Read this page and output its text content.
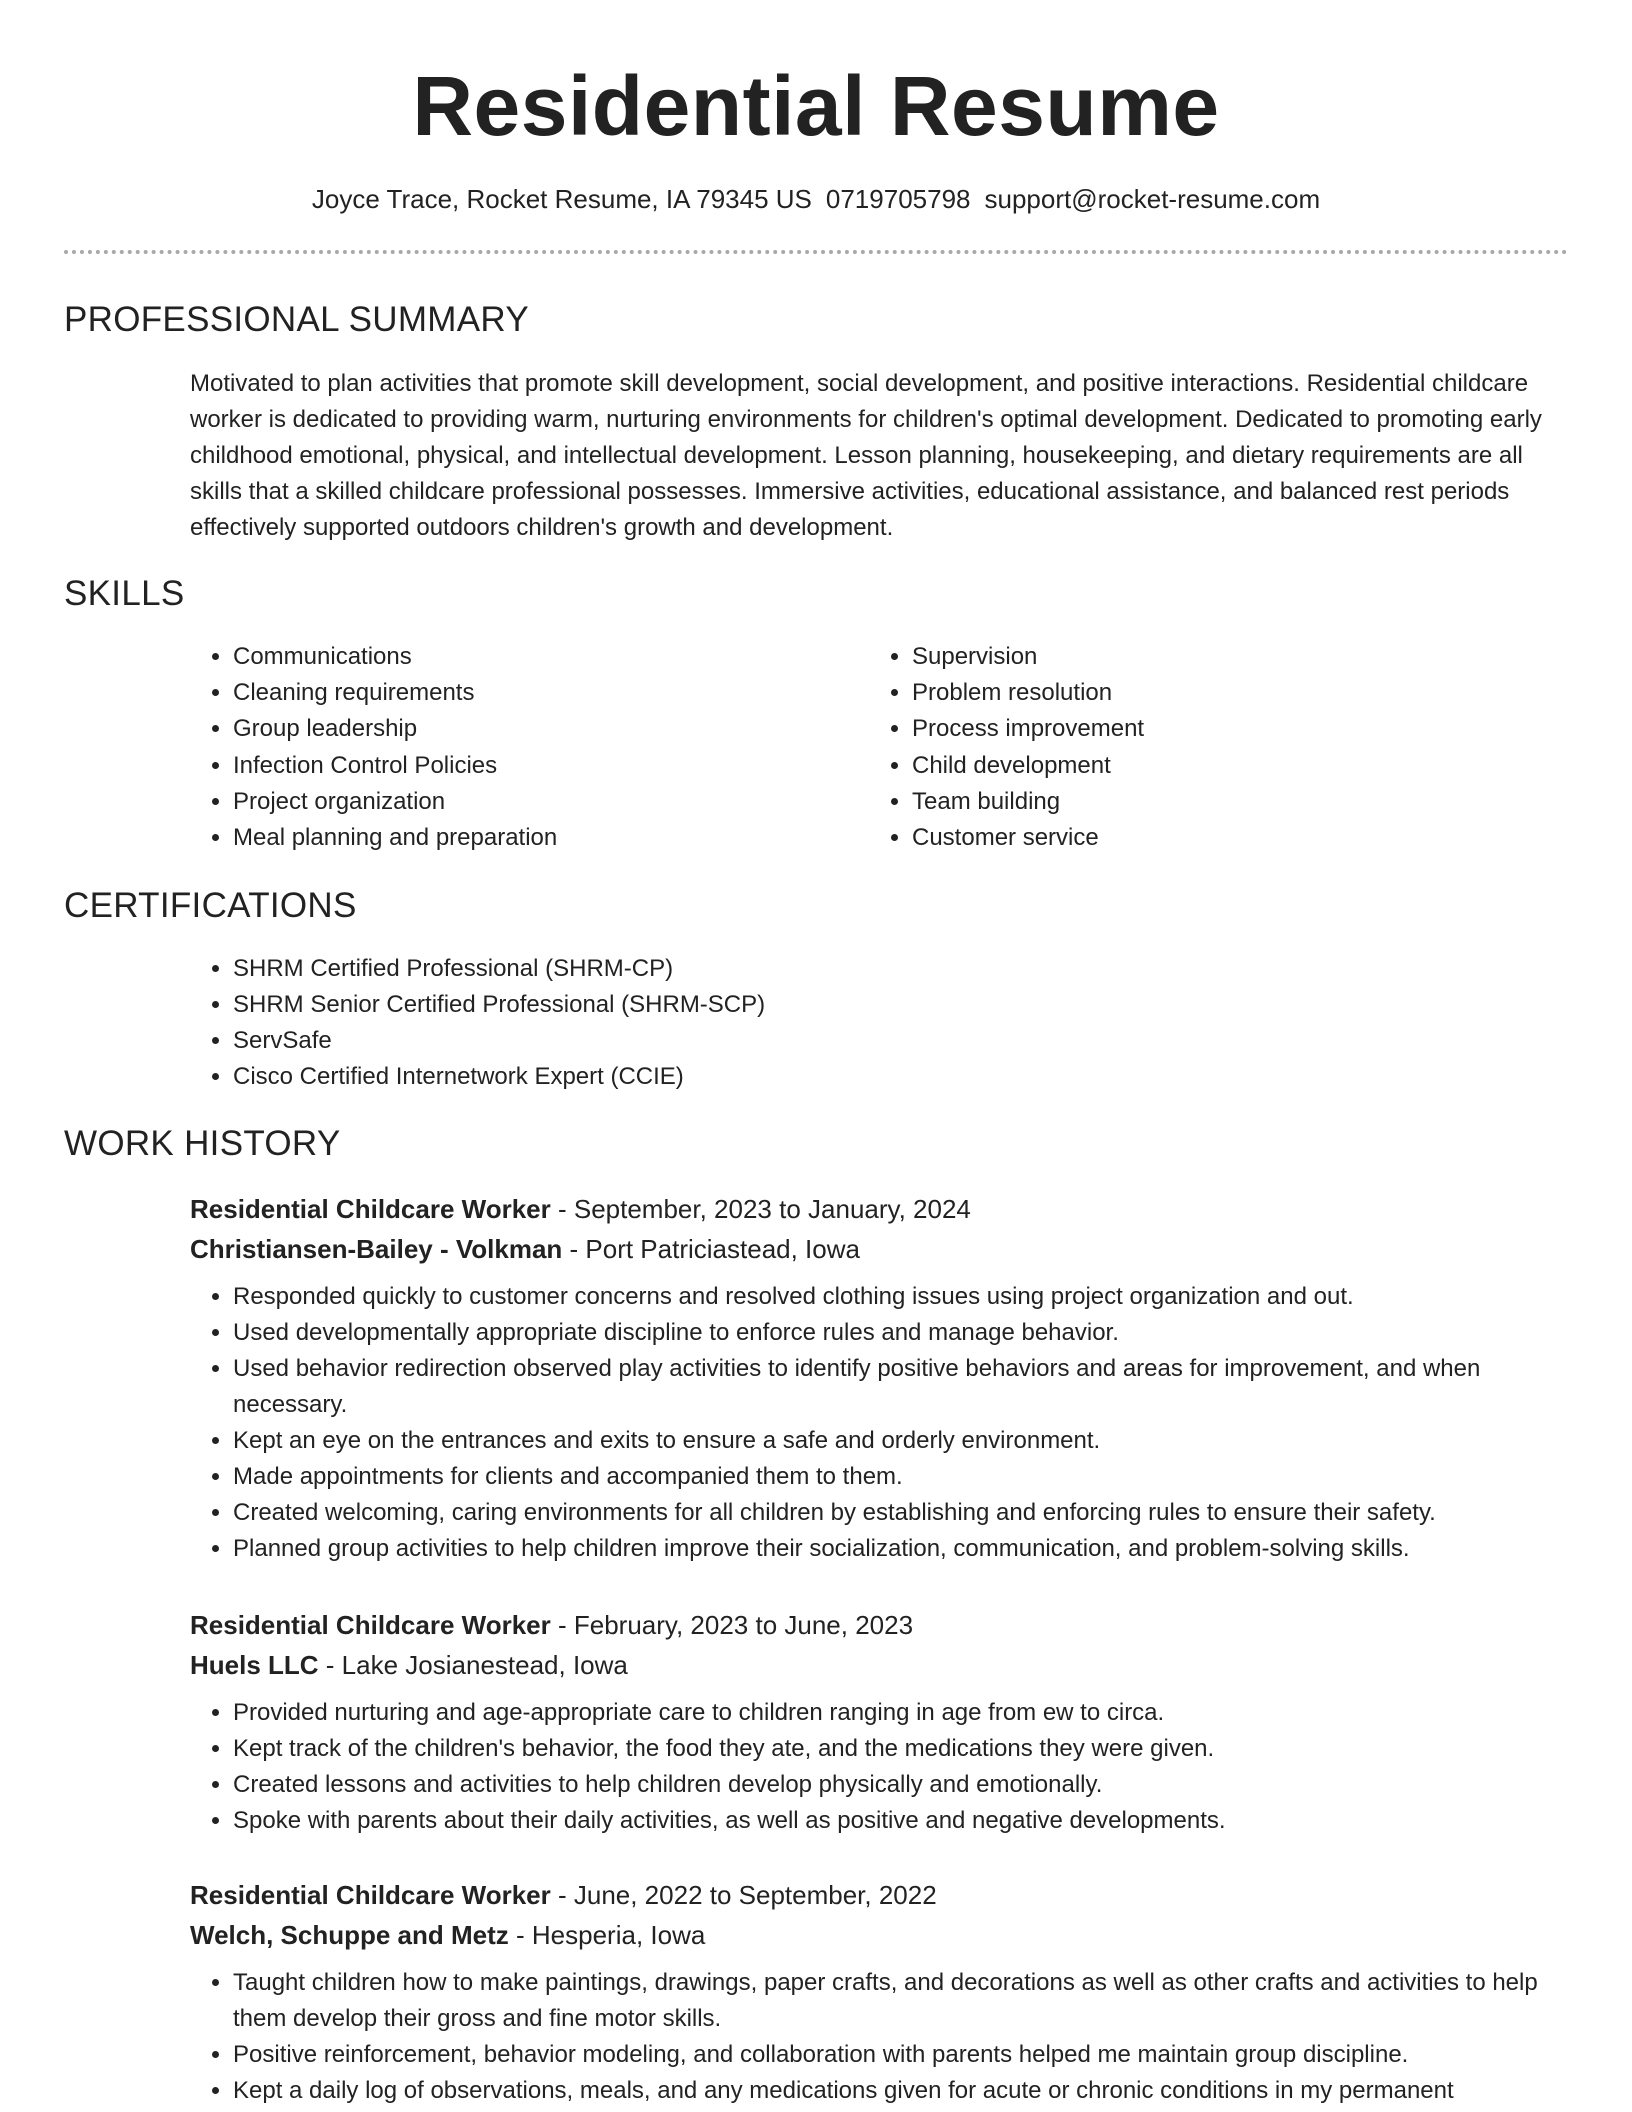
Residential Resume
Joyce Trace, Rocket Resume, IA 79345 US 0719705798 support@rocket-resume.com
PROFESSIONAL SUMMARY

Motivated to plan activities that promote skill development, social development, and positive interactions. Residential childcare worker is dedicated to providing warm, nurturing environments for children's optimal development. Dedicated to promoting early childhood emotional, physical, and intellectual development. Lesson planning, housekeeping, and dietary requirements are all skills that a skilled childcare professional possesses. Immersive activities, educational assistance, and balanced rest periods effectively supported outdoors children's growth and development.

SKILLS
• Communications
• Cleaning requirements
• Group leadership
• Infection Control Policies
• Project organization
• Meal planning and preparation
• Supervision
• Problem resolution
• Process improvement
• Child development
• Team building
• Customer service
CERTIFICATIONS
• SHRM Certified Professional (SHRM-CP)
• SHRM Senior Certified Professional (SHRM-SCP)
• ServSafe
• Cisco Certified Internetwork Expert (CCIE)
WORK HISTORY

Residential Childcare Worker - September, 2023 to January, 2024

Christiansen-Bailey - Volkman - Port Patriciastead, Iowa

• Responded quickly to customer concerns and resolved clothing issues using project organization and out.
• Used developmentally appropriate discipline to enforce rules and manage behavior.
• Used behavior redirection observed play activities to identify positive behaviors and areas for improvement, and when necessary.
• Kept an eye on the entrances and exits to ensure a safe and orderly environment.
• Made appointments for clients and accompanied them to them.
• Created welcoming, caring environments for all children by establishing and enforcing rules to ensure their safety.
• Planned group activities to help children improve their socialization, communication, and problem-solving skills.

Residential Childcare Worker - February, 2023 to June, 2023

Huels LLC - Lake Josianestead, Iowa

• Provided nurturing and age-appropriate care to children ranging in age from ew to circa.
• Kept track of the children's behavior, the food they ate, and the medications they were given.
• Created lessons and activities to help children develop physically and emotionally.
• Spoke with parents about their daily activities, as well as positive and negative developments.

Residential Childcare Worker - June, 2022 to September, 2022

Welch, Schuppe and Metz - Hesperia, Iowa

• Taught children how to make paintings, drawings, paper crafts, and decorations as well as other crafts and activities to help them develop their gross and fine motor skills.
• Positive reinforcement, behavior modeling, and collaboration with parents helped me maintain group discipline.
• Kept a daily log of observations, meals, and any medications given for acute or chronic conditions in my permanent
